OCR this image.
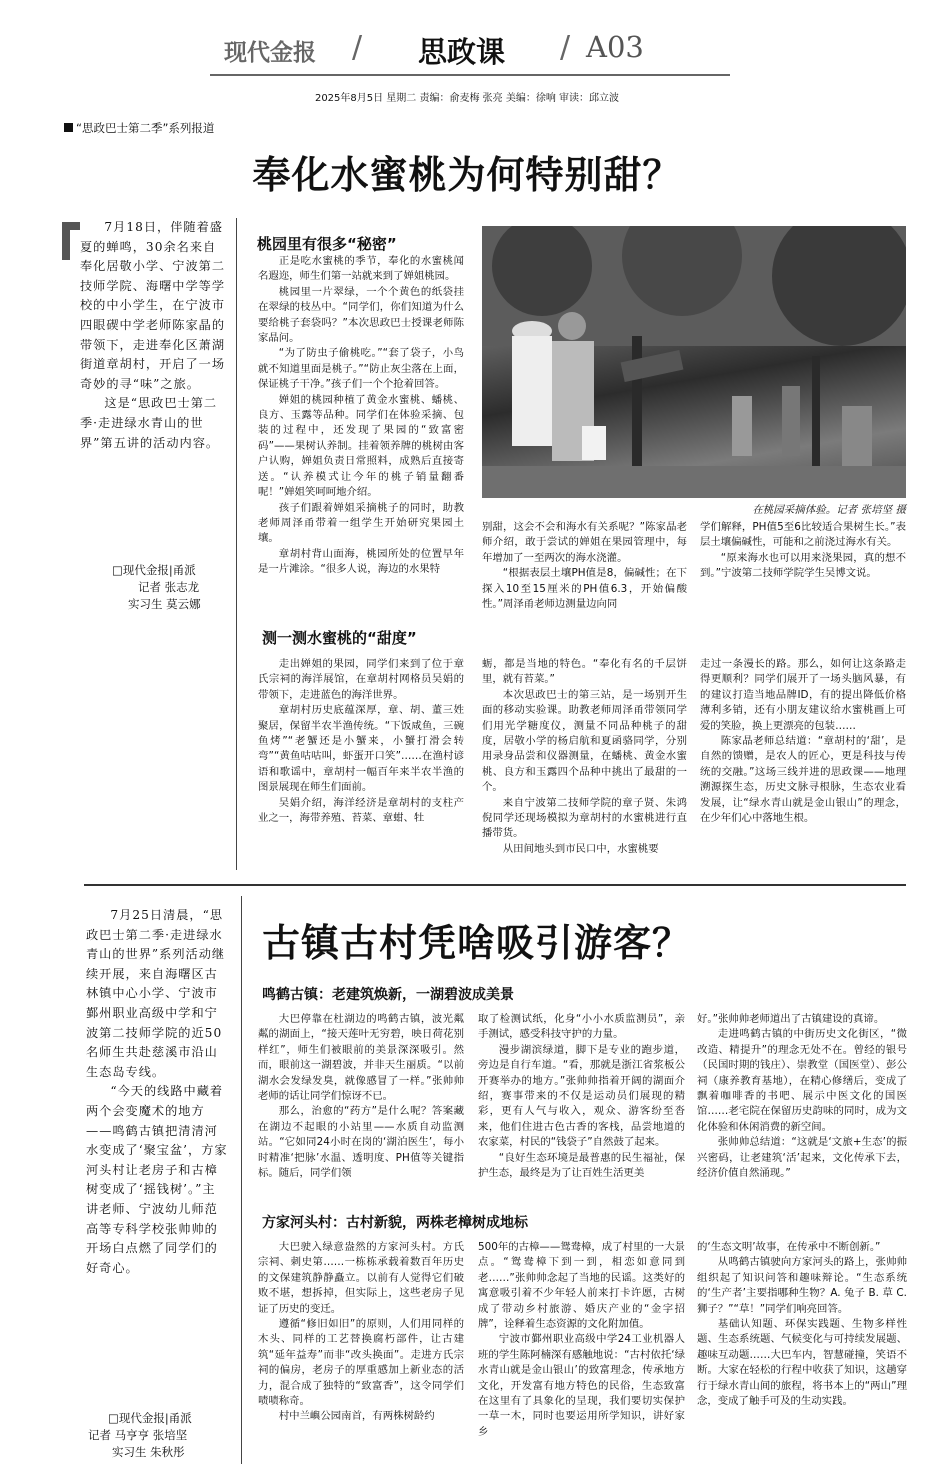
现代金报 / 思政课 / A03
2025年8月5日 星期二 责编：俞麦梅 张亮 美编：徐响 审读：邱立波
“思政巴士第二季”系列报道
奉化水蜜桃为何特别甜？

7月18日，伴随着盛夏的蝉鸣，30余名来自奉化居敬小学、宁波第二技师学院、海曙中学等学校的中小学生，在宁波市四眼碶中学老师陈家晶的带领下，走进奉化区萧湖街道章胡村，开启了一场奇妙的寻“味”之旅。

这是“思政巴士第二季·走进绿水青山的世界”第五讲的活动内容。

□现代金报|甬派
记者 张志龙
实习生 莫云娜
桃园里有很多“秘密”

正是吃水蜜桃的季节，奉化的水蜜桃闻名遐迩，师生们第一站就来到了婵姐桃园。

桃园里一片翠绿，一个个黄色的纸袋挂在翠绿的枝丛中。“同学们，你们知道为什么要给桃子套袋吗？”本次思政巴士授课老师陈家晶问。

“为了防虫子偷桃吃。”“套了袋子，小鸟就不知道里面是桃子。”“防止灰尘落在上面，保证桃子干净。”孩子们一个个抢着回答。

婵姐的桃园种植了黄金水蜜桃、蟠桃、良方、玉露等品种。同学们在体验采摘、包装的过程中，还发现了果园的“致富密码”——果树认养制。挂着领养牌的桃树由客户认购，婵姐负责日常照料，成熟后直接寄送。“认养模式让今年的桃子销量翻番呢！”婵姐笑呵呵地介绍。

孩子们跟着婵姐采摘桃子的同时，助教老师周泽甬带着一组学生开始研究果园土壤。

章胡村背山面海，桃园所处的位置早年是一片滩涂。“很多人说，海边的水果特

在桃园采摘体验。记者 张培坚 摄

别甜，这会不会和海水有关系呢？”陈家晶老师介绍，敢于尝试的婵姐在果园管理中，每年增加了一至两次的海水浇灌。

“根据表层土壤PH值是8，偏碱性；在下探入10至15厘米的PH值6.3，开始偏酸性。”周泽甬老师边测量边向同

学们解释，PH值5至6比较适合果树生长。”表层土壤偏碱性，可能和之前浇过海水有关。

“原来海水也可以用来浇果园，真的想不到。”宁波第二技师学院学生吴博文说。

测一测水蜜桃的“甜度”

走出婵姐的果园，同学们来到了位于章氏宗祠的海洋展馆，在章胡村网格员吴娟的带领下，走进蓝色的海洋世界。

章胡村历史底蕴深厚，章、胡、董三姓聚居，保留半农半渔传统。“下饭咸鱼，三碗鱼烤”“老蟹还是小蟹来，小蟹打滑会转弯”“黄鱼咕咕叫，虾蛋开口笑”……在渔村谚语和歌谣中，章胡村一幅百年来半农半渔的图景展现在师生们面前。

吴娟介绍，海洋经济是章胡村的支柱产业之一，海带养殖、苔菜、章蚶、牡

蛎，都是当地的特色。“奉化有名的千层饼里，就有苔菜。”

本次思政巴士的第三站，是一场别开生面的移动实验课。助教老师周泽甬带领同学们用光学糖度仪，测量不同品种桃子的甜度，居敬小学的杨启航和夏函骆同学，分别用录身品尝和仪器测量，在蟠桃、黄金水蜜桃、良方和玉露四个品种中挑出了最甜的一个。

来自宁波第二技师学院的章子贤、朱鸿倪同学还现场模拟为章胡村的水蜜桃进行直播带货。

从田间地头到市民口中，水蜜桃要

走过一条漫长的路。那么，如何让这条路走得更顺利？同学们展开了一场头脑风暴，有的建议打造当地品牌ID，有的提出降低价格薄利多销，还有小朋友建议给水蜜桃画上可爱的笑脸，换上更漂亮的包装……

陈家晶老师总结道：“章胡村的‘甜’，是自然的馈赠，是农人的匠心，更是科技与传统的交融。”这场三线并进的思政课——地理溯源探生态，历史文脉寻根脉，生态农业看发展，让“绿水青山就是金山银山”的理念，在少年们心中落地生根。

7月25日清晨，“思政巴士第二季·走进绿水青山的世界”系列活动继续开展，来自海曙区古林镇中心小学、宁波市鄞州职业高级中学和宁波第二技师学院的近50名师生共赴慈溪市沿山生态岛专线。

“今天的线路中藏着两个会变魔术的地方——鸣鹤古镇把清清河水变成了‘聚宝盆’，方家河头村让老房子和古樟树变成了‘摇钱树’。”主讲老师、宁波幼儿师范高等专科学校张帅帅的开场白点燃了同学们的好奇心。

□现代金报|甬派
记者 马亨亨 张培坚
实习生 朱秋彤
古镇古村凭啥吸引游客？
鸣鹤古镇：老建筑焕新，一湖碧波成美景

大巴停靠在杜湖边的鸣鹤古镇，波光粼粼的湖面上，“接天莲叶无穷碧，映日荷花别样红”，师生们被眼前的美景深深吸引。然而，眼前这一湖碧波，并非天生丽质。“以前湖水会发绿发臭，就像感冒了一样。”张帅帅老师的话让同学们惊讶不已。

那么，治愈的“药方”是什么呢？答案藏在湖边不起眼的小站里——水质自动监测站。“它如同24小时在岗的‘湖泊医生’，每小时精准‘把脉’水温、透明度、PH值等关键指标。随后，同学们领

取了检测试纸，化身“小小水质监测员”，亲手测试，感受科技守护的力量。

漫步湖滨绿道，脚下是专业的跑步道，旁边是自行车道。“看，那就是浙江省浆板公开赛举办的地方。”张帅帅指着开阔的湖面介绍，赛事带来的不仅是运动员们展现的精彩，更有人气与收入，观众、游客纷至沓来，他们住进古色古香的客栈，品尝地道的农家菜，村民的“钱袋子”自然鼓了起来。

“良好生态环境是最普惠的民生福祉，保护生态，最终是为了让百姓生活更美

好。”张帅帅老师道出了古镇建设的真谛。

走进鸣鹤古镇的中街历史文化街区，“微改造、精提升”的理念无处不在。曾经的银号（民国时期的钱庄）、崇教堂（国医堂）、彭公祠（康养教育基地），在精心修缮后，变成了飘着咖啡香的书吧、展示中医文化的国医馆……老宅院在保留历史韵味的同时，成为文化体验和休闲消费的新空间。

张帅帅总结道：“这就是‘文旅+生态’的振兴密码，让老建筑‘活’起来，文化传承下去，经济价值自然涌现。”

方家河头村：古村新貌，两株老樟树成地标

大巴驶入绿意盎然的方家河头村。方氏宗祠、刺史第……一栋栋承载着数百年历史的文保建筑静静矗立。以前有人觉得它们破败不堪，想拆掉，但实际上，这些老房子见证了历史的变迁。

遵循“修旧如旧”的原则，人们用同样的木头、同样的工艺替换腐朽部件，让古建筑“延年益寿”而非“改头换面”。走进方氏宗祠的偏房，老房子的厚重感加上新业态的活力，混合成了独特的“致富香”，这令同学们啧啧称奇。

村中兰嶼公园南首，有两株树龄约

500年的古樟——鸳鸯樟，成了村里的一大景点。“鸳鸯樟下到一到，相恋如意同到老……”张帅帅念起了当地的民谣。这类好的寓意吸引着不少年轻人前来打卡许愿，古树成了带动乡村旅游、婚庆产业的“金字招牌”，诠释着生态资源的文化附加值。

宁波市鄞州职业高级中学24工业机器人班的学生陈阿楠深有感触地说：“古村依托‘绿水青山就是金山银山’的致富理念，传承地方文化，开发富有地方特色的民俗，生态致富在这里有了具象化的呈现，我们要切实保护一草一木，同时也要运用所学知识，讲好家乡

的‘生态文明’故事，在传承中不断创新。”

从鸣鹤古镇驶向方家河头的路上，张帅帅组织起了知识问答和趣味辩论。“生态系统的‘生产者’主要指哪种生物？A. 兔子 B. 草 C. 狮子？”“草！”同学们响亮回答。

基础认知题、环保实践题、生物多样性题、生态系统题、气候变化与可持续发展题、趣味互动题……大巴车内，智慧碰撞，笑语不断。大家在轻松的行程中收获了知识，这趟穿行于绿水青山间的旅程，将书本上的“两山”理念，变成了触手可及的生动实践。
